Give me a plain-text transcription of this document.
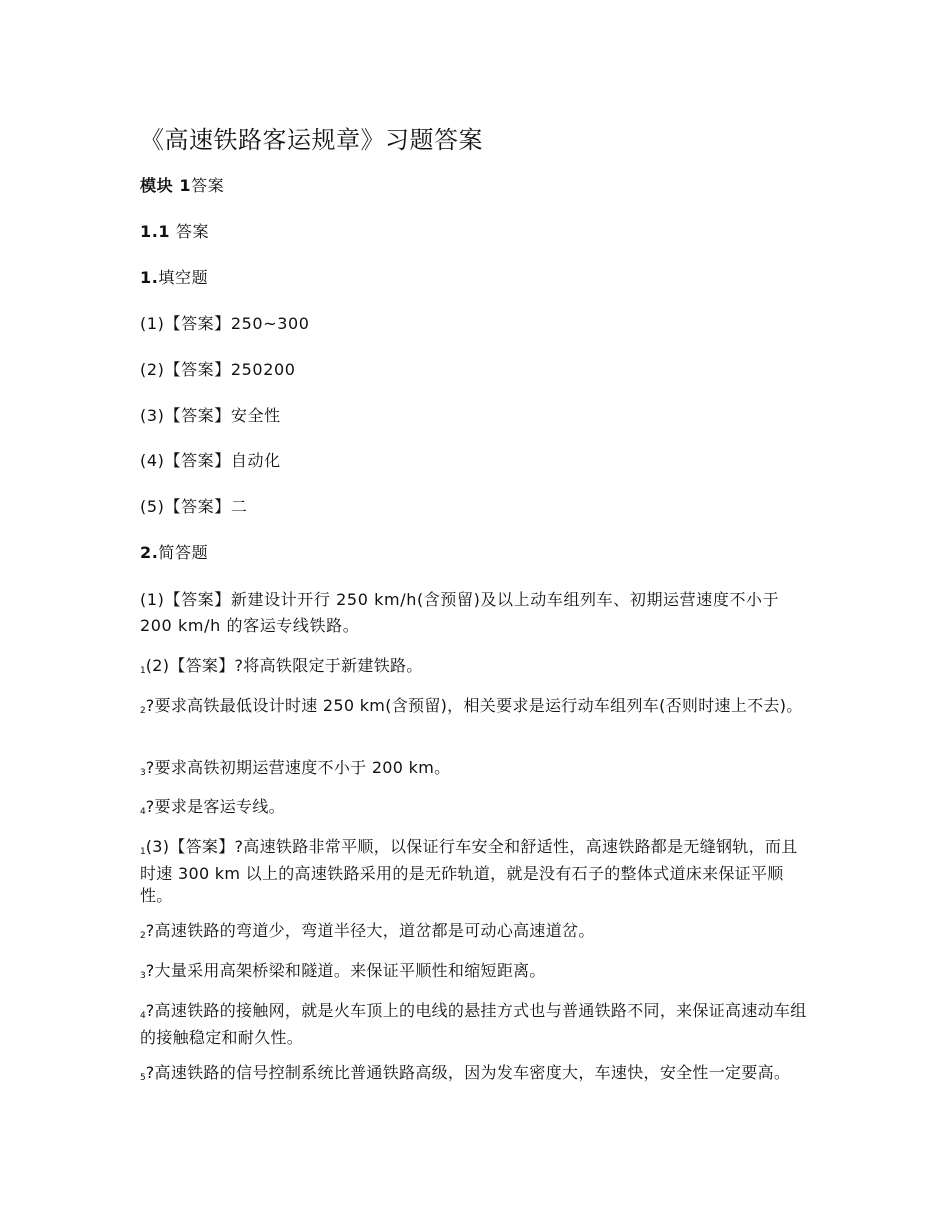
《高速铁路客运规章》习题答案
模块 1答案
1.1 答案
1.填空题
(1)【答案】250~300
(2)【答案】250200
(3)【答案】安全性
(4)【答案】自动化
(5)【答案】二
2.简答题
(1)【答案】新建设计开行 250 km/h(含预留)及以上动车组列车、初期运营速度不小于 200 km/h 的客运专线铁路。
1(2)【答案】?将高铁限定于新建铁路。
2?要求高铁最低设计时速 250 km(含预留)，相关要求是运行动车组列车(否则时速上不去)。
3?要求高铁初期运营速度不小于 200 km。
4?要求是客运专线。
1(3)【答案】?高速铁路非常平顺，以保证行车安全和舒适性，高速铁路都是无缝钢轨，而且时速 300 km 以上的高速铁路采用的是无砟轨道，就是没有石子的整体式道床来保证平顺性。
2?高速铁路的弯道少，弯道半径大，道岔都是可动心高速道岔。
3?大量采用高架桥梁和隧道。来保证平顺性和缩短距离。
4?高速铁路的接触网，就是火车顶上的电线的悬挂方式也与普通铁路不同，来保证高速动车组的接触稳定和耐久性。
5?高速铁路的信号控制系统比普通铁路高级，因为发车密度大，车速快，安全性一定要高。
